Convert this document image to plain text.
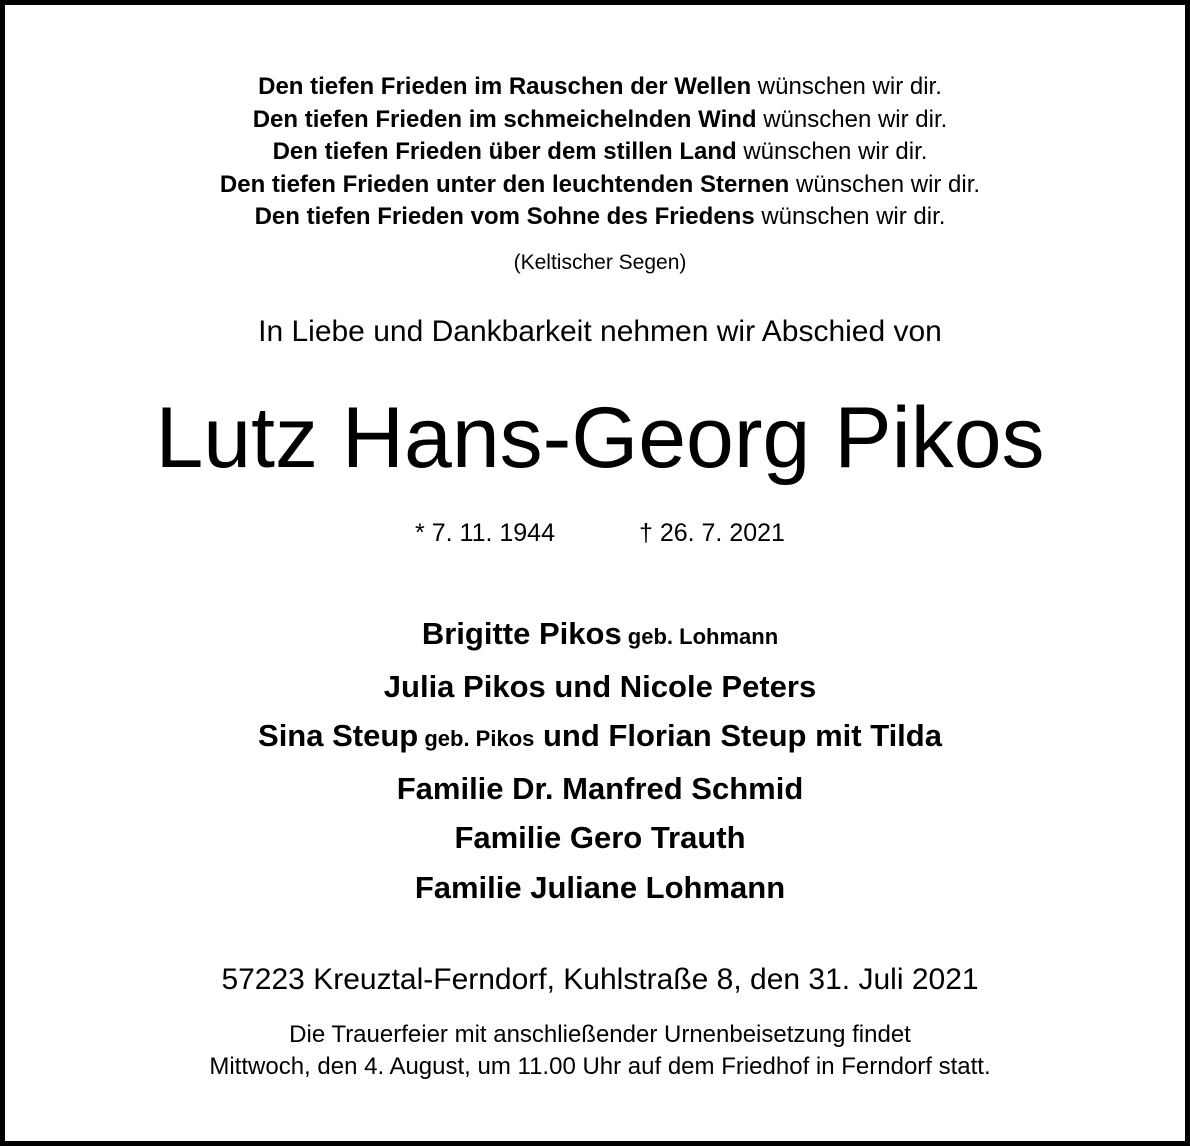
Den tiefen Frieden im Rauschen der Wellen wünschen wir dir.
Den tiefen Frieden im schmeichelnden Wind wünschen wir dir.
Den tiefen Frieden über dem stillen Land wünschen wir dir.
Den tiefen Frieden unter den leuchtenden Sternen wünschen wir dir.
Den tiefen Frieden vom Sohne des Friedens wünschen wir dir.
(Keltischer Segen)
In Liebe und Dankbarkeit nehmen wir Abschied von
Lutz Hans-Georg Pikos
* 7. 11. 1944	† 26. 7. 2021
Brigitte Pikos geb. Lohmann
Julia Pikos und Nicole Peters
Sina Steup geb. Pikos und Florian Steup mit Tilda
Familie Dr. Manfred Schmid
Familie Gero Trauth
Familie Juliane Lohmann
57223 Kreuztal-Ferndorf, Kuhlstraße 8, den 31. Juli 2021
Die Trauerfeier mit anschließender Urnenbeisetzung findet
Mittwoch, den 4. August, um 11.00 Uhr auf dem Friedhof in Ferndorf statt.
